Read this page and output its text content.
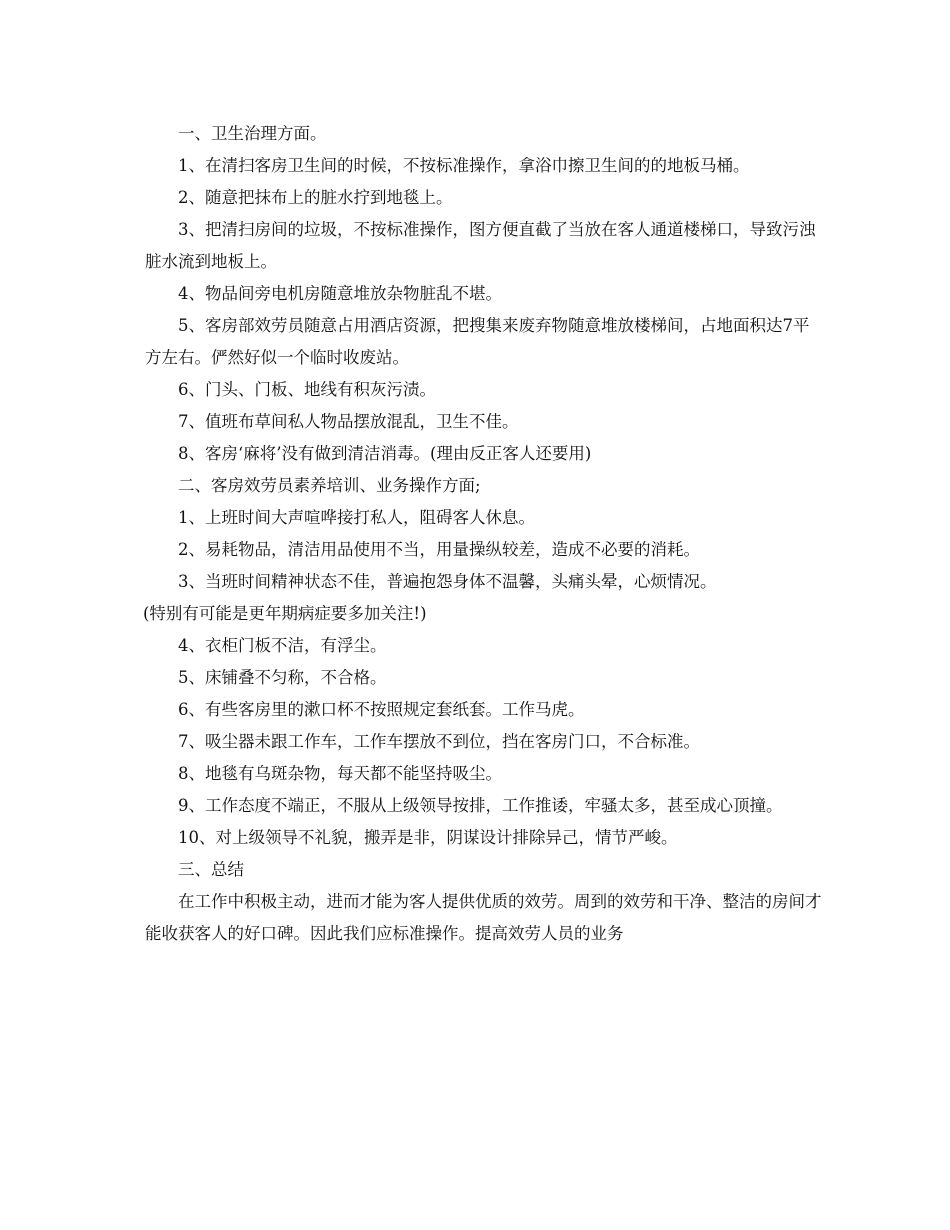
一、卫生治理方面。

1、在清扫客房卫生间的时候，不按标准操作，拿浴巾擦卫生间的的地板马桶。

2、随意把抹布上的脏水拧到地毯上。

3、把清扫房间的垃圾，不按标准操作，图方便直截了当放在客人通道楼梯口，导致污浊脏水流到地板上。

4、物品间旁电机房随意堆放杂物脏乱不堪。

5、客房部效劳员随意占用酒店资源，把搜集来废弃物随意堆放楼梯间，占地面积达7平方左右。俨然好似一个临时收废站。

6、门头、门板、地线有积灰污渍。

7、值班布草间私人物品摆放混乱，卫生不佳。

8、客房‘麻将’没有做到清洁消毒。(理由反正客人还要用)

二、客房效劳员素养培训、业务操作方面;

1、上班时间大声喧哗接打私人，阻碍客人休息。

2、易耗物品，清洁用品使用不当，用量操纵较差，造成不必要的消耗。

3、当班时间精神状态不佳，普遍抱怨身体不温馨，头痛头晕，心烦情况。

(特别有可能是更年期病症要多加关注!)

4、衣柜门板不洁，有浮尘。

5、床铺叠不匀称，不合格。

6、有些客房里的漱口杯不按照规定套纸套。工作马虎。

7、吸尘器未跟工作车，工作车摆放不到位，挡在客房门口，不合标准。

8、地毯有乌斑杂物，每天都不能坚持吸尘。

9、工作态度不端正，不服从上级领导按排，工作推诿，牢骚太多，甚至成心顶撞。

10、对上级领导不礼貌，搬弄是非，阴谋设计排除异己，情节严峻。

三、总结

在工作中积极主动，进而才能为客人提供优质的效劳。周到的效劳和干净、整洁的房间才能收获客人的好口碑。因此我们应标准操作。提高效劳人员的业务
